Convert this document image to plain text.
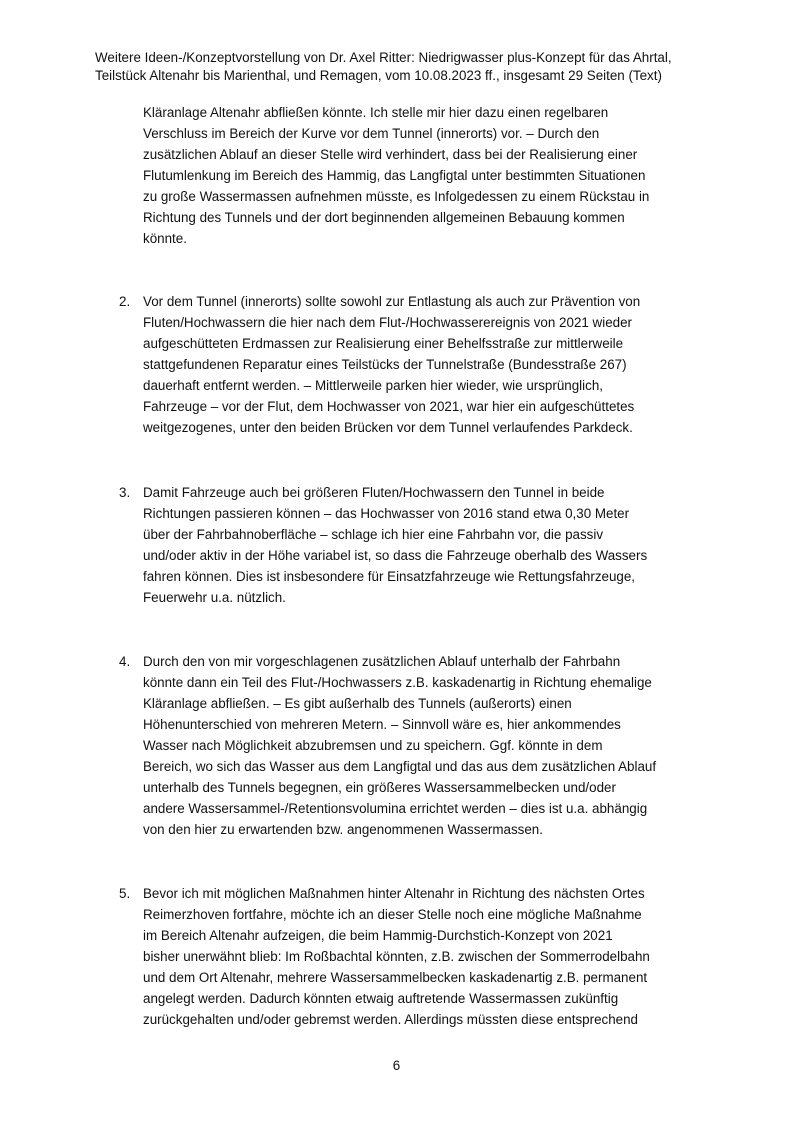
Weitere Ideen-/Konzeptvorstellung von Dr. Axel Ritter: Niedrigwasser plus-Konzept für das Ahrtal,
Teilstück Altenahr bis Marienthal, und Remagen, vom 10.08.2023 ff., insgesamt 29 Seiten (Text)
Kläranlage Altenahr abfließen könnte. Ich stelle mir hier dazu einen regelbaren
Verschluss im Bereich der Kurve vor dem Tunnel (innerorts) vor. – Durch den
zusätzlichen Ablauf an dieser Stelle wird verhindert, dass bei der Realisierung einer
Flutumlenkung im Bereich des Hammig, das Langfigtal unter bestimmten Situationen
zu große Wassermassen aufnehmen müsste, es Infolgedessen zu einem Rückstau in
Richtung des Tunnels und der dort beginnenden allgemeinen Bebauung kommen
könnte.
2. Vor dem Tunnel (innerorts) sollte sowohl zur Entlastung als auch zur Prävention von
Fluten/Hochwassern die hier nach dem Flut-/Hochwasserereignis von 2021 wieder
aufgeschütteten Erdmassen zur Realisierung einer Behelfsstraße zur mittlerweile
stattgefundenen Reparatur eines Teilstücks der Tunnelstraße (Bundesstraße 267)
dauerhaft entfernt werden. – Mittlerweile parken hier wieder, wie ursprünglich,
Fahrzeuge – vor der Flut, dem Hochwasser von 2021, war hier ein aufgeschüttetes
weitgezogenes, unter den beiden Brücken vor dem Tunnel verlaufendes Parkdeck.
3. Damit Fahrzeuge auch bei größeren Fluten/Hochwassern den Tunnel in beide
Richtungen passieren können – das Hochwasser von 2016 stand etwa 0,30 Meter
über der Fahrbahnoberfläche – schlage ich hier eine Fahrbahn vor, die passiv
und/oder aktiv in der Höhe variabel ist, so dass die Fahrzeuge oberhalb des Wassers
fahren können. Dies ist insbesondere für Einsatzfahrzeuge wie Rettungsfahrzeuge,
Feuerwehr u.a. nützlich.
4. Durch den von mir vorgeschlagenen zusätzlichen Ablauf unterhalb der Fahrbahn
könnte dann ein Teil des Flut-/Hochwassers z.B. kaskadenartig in Richtung ehemalige
Kläranlage abfließen. – Es gibt außerhalb des Tunnels (außerorts) einen
Höhenunterschied von mehreren Metern. – Sinnvoll wäre es, hier ankommendes
Wasser nach Möglichkeit abzubremsen und zu speichern. Ggf. könnte in dem
Bereich, wo sich das Wasser aus dem Langfigtal und das aus dem zusätzlichen Ablauf
unterhalb des Tunnels begegnen, ein größeres Wassersammelbecken und/oder
andere Wassersammel-/Retentionsvolumina errichtet werden – dies ist u.a. abhängig
von den hier zu erwartenden bzw. angenommenen Wassermassen.
5. Bevor ich mit möglichen Maßnahmen hinter Altenahr in Richtung des nächsten Ortes
Reimerzhoven fortfahre, möchte ich an dieser Stelle noch eine mögliche Maßnahme
im Bereich Altenahr aufzeigen, die beim Hammig-Durchstich-Konzept von 2021
bisher unerwähnt blieb: Im Roßbachtal könnten, z.B. zwischen der Sommerrodelbahn
und dem Ort Altenahr, mehrere Wassersammelbecken kaskadenartig z.B. permanent
angelegt werden. Dadurch könnten etwaig auftretende Wassermassen zukünftig
zurückgehalten und/oder gebremst werden. Allerdings müssten diese entsprechend
6
